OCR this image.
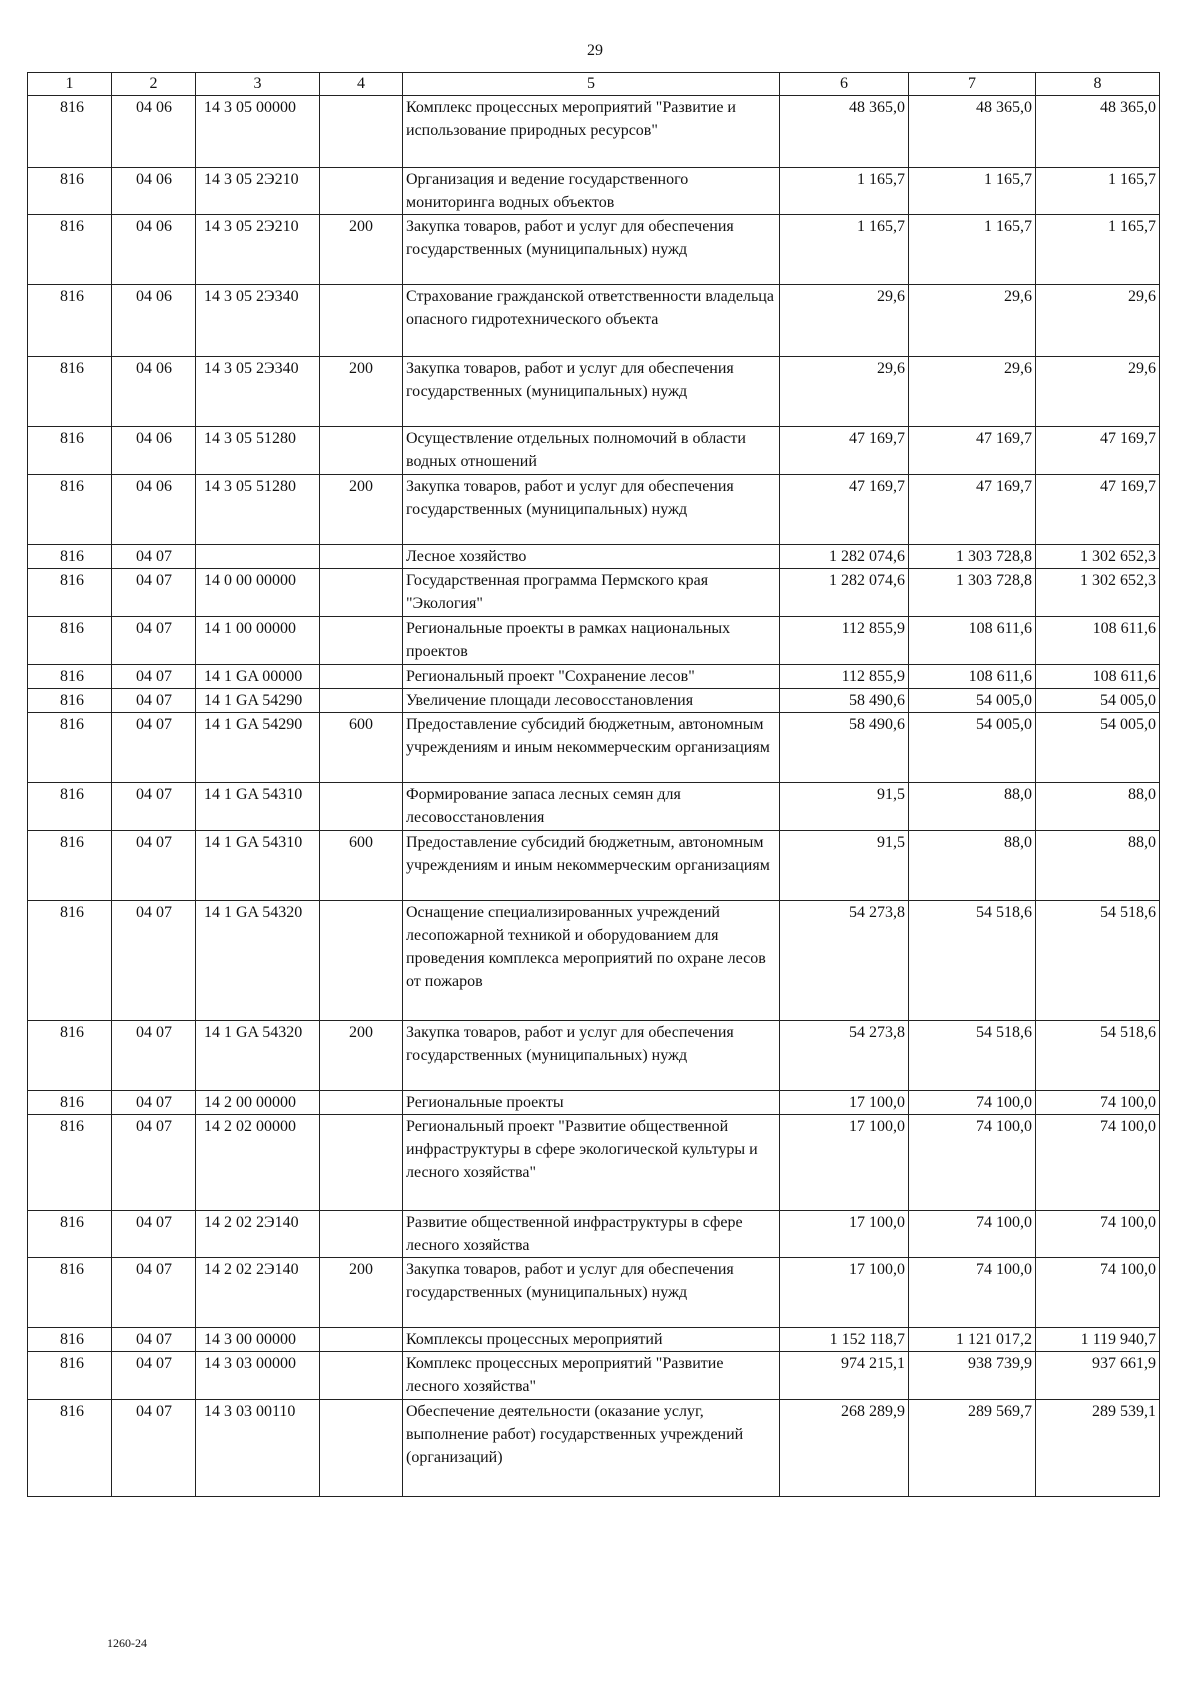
29
1	2	3	4	5	6	7	8
816	04 06	14 3 05 00000		Комплекс процессных мероприятий "Развитие и использование природных ресурсов"	48 365,0	48 365,0	48 365,0
816	04 06	14 3 05 2Э210		Организация и ведение государственного мониторинга водных объектов	1 165,7	1 165,7	1 165,7
816	04 06	14 3 05 2Э210	200	Закупка товаров, работ и услуг для обеспечения государственных (муниципальных) нужд	1 165,7	1 165,7	1 165,7
816	04 06	14 3 05 2Э340		Страхование гражданской ответственности владельца опасного гидротехнического объекта	29,6	29,6	29,6
816	04 06	14 3 05 2Э340	200	Закупка товаров, работ и услуг для обеспечения государственных (муниципальных) нужд	29,6	29,6	29,6
816	04 06	14 3 05 51280		Осуществление отдельных полномочий в области водных отношений	47 169,7	47 169,7	47 169,7
816	04 06	14 3 05 51280	200	Закупка товаров, работ и услуг для обеспечения государственных (муниципальных) нужд	47 169,7	47 169,7	47 169,7
816	04 07			Лесное хозяйство	1 282 074,6	1 303 728,8	1 302 652,3
816	04 07	14 0 00 00000		Государственная программа Пермского края "Экология"	1 282 074,6	1 303 728,8	1 302 652,3
816	04 07	14 1 00 00000		Региональные проекты в рамках национальных проектов	112 855,9	108 611,6	108 611,6
816	04 07	14 1 GA 00000		Региональный проект "Сохранение лесов"	112 855,9	108 611,6	108 611,6
816	04 07	14 1 GA 54290		Увеличение площади лесовосстановления	58 490,6	54 005,0	54 005,0
816	04 07	14 1 GA 54290	600	Предоставление субсидий бюджетным, автономным учреждениям и иным некоммерческим организациям	58 490,6	54 005,0	54 005,0
816	04 07	14 1 GA 54310		Формирование запаса лесных семян для лесовосстановления	91,5	88,0	88,0
816	04 07	14 1 GA 54310	600	Предоставление субсидий бюджетным, автономным учреждениям и иным некоммерческим организациям	91,5	88,0	88,0
816	04 07	14 1 GA 54320		Оснащение специализированных учреждений лесопожарной техникой и оборудованием для проведения комплекса мероприятий по охране лесов от пожаров	54 273,8	54 518,6	54 518,6
816	04 07	14 1 GA 54320	200	Закупка товаров, работ и услуг для обеспечения государственных (муниципальных) нужд	54 273,8	54 518,6	54 518,6
816	04 07	14 2 00 00000		Региональные проекты	17 100,0	74 100,0	74 100,0
816	04 07	14 2 02 00000		Региональный проект "Развитие общественной инфраструктуры в сфере экологической культуры и лесного хозяйства"	17 100,0	74 100,0	74 100,0
816	04 07	14 2 02 2Э140		Развитие общественной инфраструктуры в сфере лесного хозяйства	17 100,0	74 100,0	74 100,0
816	04 07	14 2 02 2Э140	200	Закупка товаров, работ и услуг для обеспечения государственных (муниципальных) нужд	17 100,0	74 100,0	74 100,0
816	04 07	14 3 00 00000		Комплексы процессных мероприятий	1 152 118,7	1 121 017,2	1 119 940,7
816	04 07	14 3 03 00000		Комплекс процессных мероприятий "Развитие лесного хозяйства"	974 215,1	938 739,9	937 661,9
816	04 07	14 3 03 00110		Обеспечение деятельности (оказание услуг, выполнение работ) государственных учреждений (организаций)	268 289,9	289 569,7	289 539,1
1260-24
